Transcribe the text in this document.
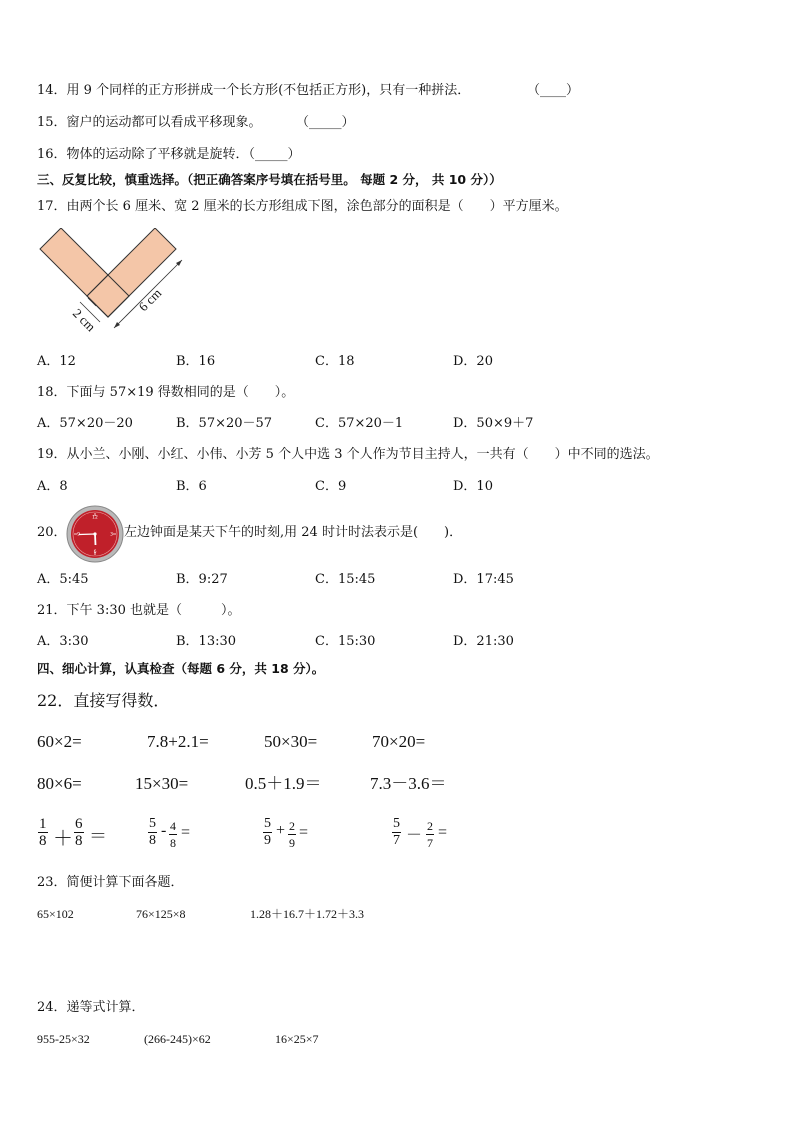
14．用 9 个同样的正方形拼成一个长方形(不包括正方形)，只有一种拼法．	（____）
15．窗户的运动都可以看成平移现象。	（_____）
16．物体的运动除了平移就是旋转．（_____）
三、反复比较，慎重选择。（把正确答案序号填在括号里。 每题 2 分， 共 10 分））
17．由两个长 6 厘米、宽 2 厘米的长方形组成下图，涂色部分的面积是（　　）平方厘米。
6 cm
2 cm
A．12	B．16	C．18	D．20
18．下面与 57×19 得数相同的是（　　）。
A．57×20－20	B．57×20－57	C．57×20－1	D．50×9＋7
19．从小兰、小刚、小红、小伟、小芳 5 个人中选 3 个人作为节目主持人，一共有（　　）中不同的选法。
A．8	B．6	C．9	D．10
20．
12
3
6
9	左边钟面是某天下午的时刻,用 24 时计时法表示是(　　)．
A．5:45	B．9:27	C．15:45	D．17:45
21．下午 3:30 也就是（　　　）。
A．3:30	B．13:30	C．15:30	D．21:30
四、细心计算，认真检查（每题 6 分，共 18 分）。
22．直接写得数．
60×2=	7.8+2.1=	50×30=	70×20=
80×6=	15×30=	0.5＋1.9＝	7.3－3.6＝
$\frac{1}{8} + \frac{6}{8}$ ＝	$\frac{5}{8} - \frac{4}{8}$ =	$\frac{5}{9} + \frac{2}{9}$ =	$\frac{5}{7} - \frac{2}{7}$ =
23．简便计算下面各题．
65×102	76×125×8	1.28＋16.7＋1.72＋3.3
24．递等式计算．
955-25×32	(266-245)×62	16×25×7
